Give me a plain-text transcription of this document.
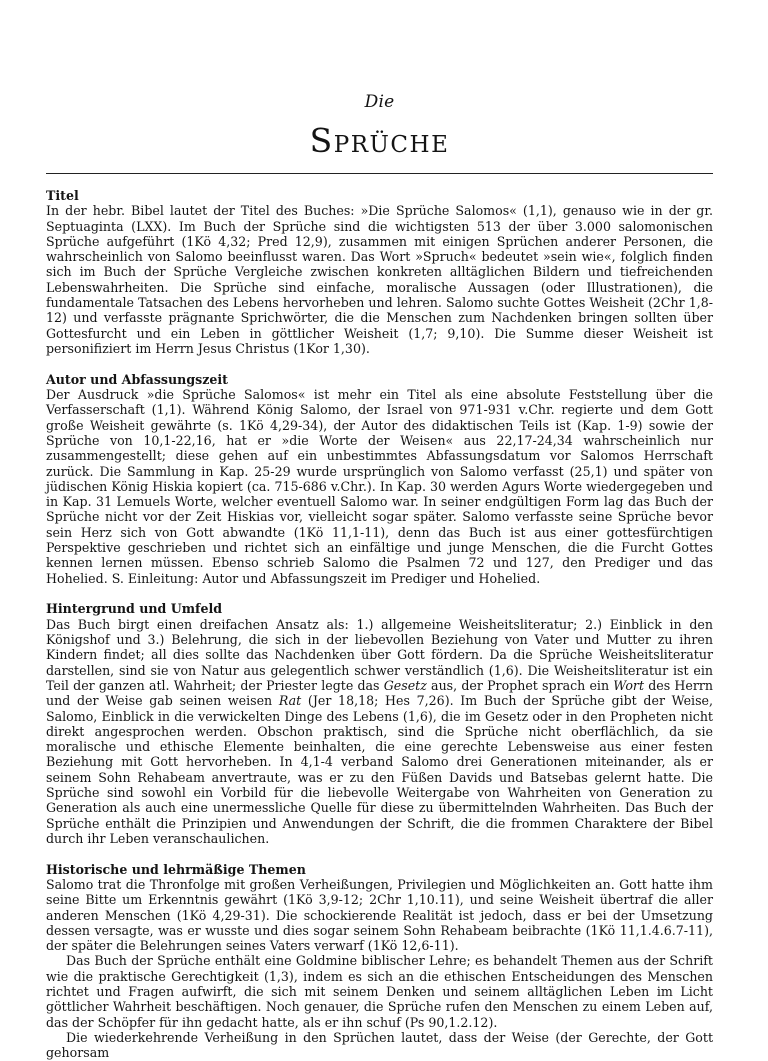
Die
Sprüche
Titel

In der hebr. Bibel lautet der Titel des Buches: »Die Sprüche Salomos« (1,1), genauso wie in der gr. Septuaginta (LXX). Im Buch der Sprüche sind die wichtigsten 513 der über 3.000 salomonischen Sprüche aufgeführt (1Kö 4,32; Pred 12,9), zusammen mit einigen Sprüchen anderer Personen, die wahrscheinlich von Salomo beeinflusst waren. Das Wort »Spruch« bedeutet »sein wie«, folglich finden sich im Buch der Sprüche Vergleiche zwischen konkreten alltäglichen Bildern und tiefreichenden Lebenswahrheiten. Die Sprüche sind einfache, moralische Aussagen (oder Illustrationen), die fundamentale Tatsachen des Lebens hervorheben und lehren. Salomo suchte Gottes Weisheit (2Chr 1,8-12) und verfasste prägnante Sprichwörter, die die Menschen zum Nachdenken bringen sollten über Gottesfurcht und ein Leben in göttlicher Weisheit (1,7; 9,10). Die Summe dieser Weisheit ist personifiziert im Herrn Jesus Christus (1Kor 1,30).

Autor und Abfassungszeit

Der Ausdruck »die Sprüche Salomos« ist mehr ein Titel als eine absolute Feststellung über die Verfasserschaft (1,1). Während König Salomo, der Israel von 971-931 v.Chr. regierte und dem Gott große Weisheit gewährte (s. 1Kö 4,29-34), der Autor des didaktischen Teils ist (Kap. 1-9) sowie der Sprüche von 10,1-22,16, hat er »die Worte der Weisen« aus 22,17-24,34 wahrscheinlich nur zusammengestellt; diese gehen auf ein unbestimmtes Abfassungsdatum vor Salomos Herrschaft zurück. Die Sammlung in Kap. 25-29 wurde ursprünglich von Salomo verfasst (25,1) und später von jüdischen König Hiskia kopiert (ca. 715-686 v.Chr.). In Kap. 30 werden Agurs Worte wiedergegeben und in Kap. 31 Lemuels Worte, welcher eventuell Salomo war. In seiner endgültigen Form lag das Buch der Sprüche nicht vor der Zeit Hiskias vor, vielleicht sogar später. Salomo verfasste seine Sprüche bevor sein Herz sich von Gott abwandte (1Kö 11,1-11), denn das Buch ist aus einer gottesfürchtigen Perspektive geschrieben und richtet sich an einfältige und junge Menschen, die die Furcht Gottes kennen lernen müssen. Ebenso schrieb Salomo die Psalmen 72 und 127, den Prediger und das Hohelied. S. Einleitung: Autor und Abfassungszeit im Prediger und Hohelied.

Hintergrund und Umfeld

Das Buch birgt einen dreifachen Ansatz als: 1.) allgemeine Weisheitsliteratur; 2.) Einblick in den Königshof und 3.) Belehrung, die sich in der liebevollen Beziehung von Vater und Mutter zu ihren Kindern findet; all dies sollte das Nachdenken über Gott fördern. Da die Sprüche Weisheitsliteratur darstellen, sind sie von Natur aus gelegentlich schwer verständlich (1,6). Die Weisheitsliteratur ist ein Teil der ganzen atl. Wahrheit; der Priester legte das Gesetz aus, der Prophet sprach ein Wort des Herrn und der Weise gab seinen weisen Rat (Jer 18,18; Hes 7,26). Im Buch der Sprüche gibt der Weise, Salomo, Einblick in die verwickelten Dinge des Lebens (1,6), die im Gesetz oder in den Propheten nicht direkt angesprochen werden. Obschon praktisch, sind die Sprüche nicht oberflächlich, da sie moralische und ethische Elemente beinhalten, die eine gerechte Lebensweise aus einer festen Beziehung mit Gott hervorheben. In 4,1-4 verband Salomo drei Generationen miteinander, als er seinem Sohn Rehabeam anvertraute, was er zu den Füßen Davids und Batsebas gelernt hatte. Die Sprüche sind sowohl ein Vorbild für die liebevolle Weitergabe von Wahrheiten von Generation zu Generation als auch eine unermessliche Quelle für diese zu übermittelnden Wahrheiten. Das Buch der Sprüche enthält die Prinzipien und Anwendungen der Schrift, die die frommen Charaktere der Bibel durch ihr Leben veranschaulichen.

Historische und lehrmäßige Themen

Salomo trat die Thronfolge mit großen Verheißungen, Privilegien und Möglichkeiten an. Gott hatte ihm seine Bitte um Erkenntnis gewährt (1Kö 3,9-12; 2Chr 1,10.11), und seine Weisheit übertraf die aller anderen Menschen (1Kö 4,29-31). Die schockierende Realität ist jedoch, dass er bei der Umsetzung dessen versagte, was er wusste und dies sogar seinem Sohn Rehabeam beibrachte (1Kö 11,1.4.6.7-11), der später die Belehrungen seines Vaters verwarf (1Kö 12,6-11).

Das Buch der Sprüche enthält eine Goldmine biblischer Lehre; es behandelt Themen aus der Schrift wie die praktische Gerechtigkeit (1,3), indem es sich an die ethischen Entscheidungen des Menschen richtet und Fragen aufwirft, die sich mit seinem Denken und seinem alltäglichen Leben im Licht göttlicher Wahrheit beschäftigen. Noch genauer, die Sprüche rufen den Menschen zu einem Leben auf, das der Schöpfer für ihn gedacht hatte, als er ihn schuf (Ps 90,1.2.12).

Die wiederkehrende Verheißung in den Sprüchen lautet, dass der Weise (der Gerechte, der Gott gehorsam
